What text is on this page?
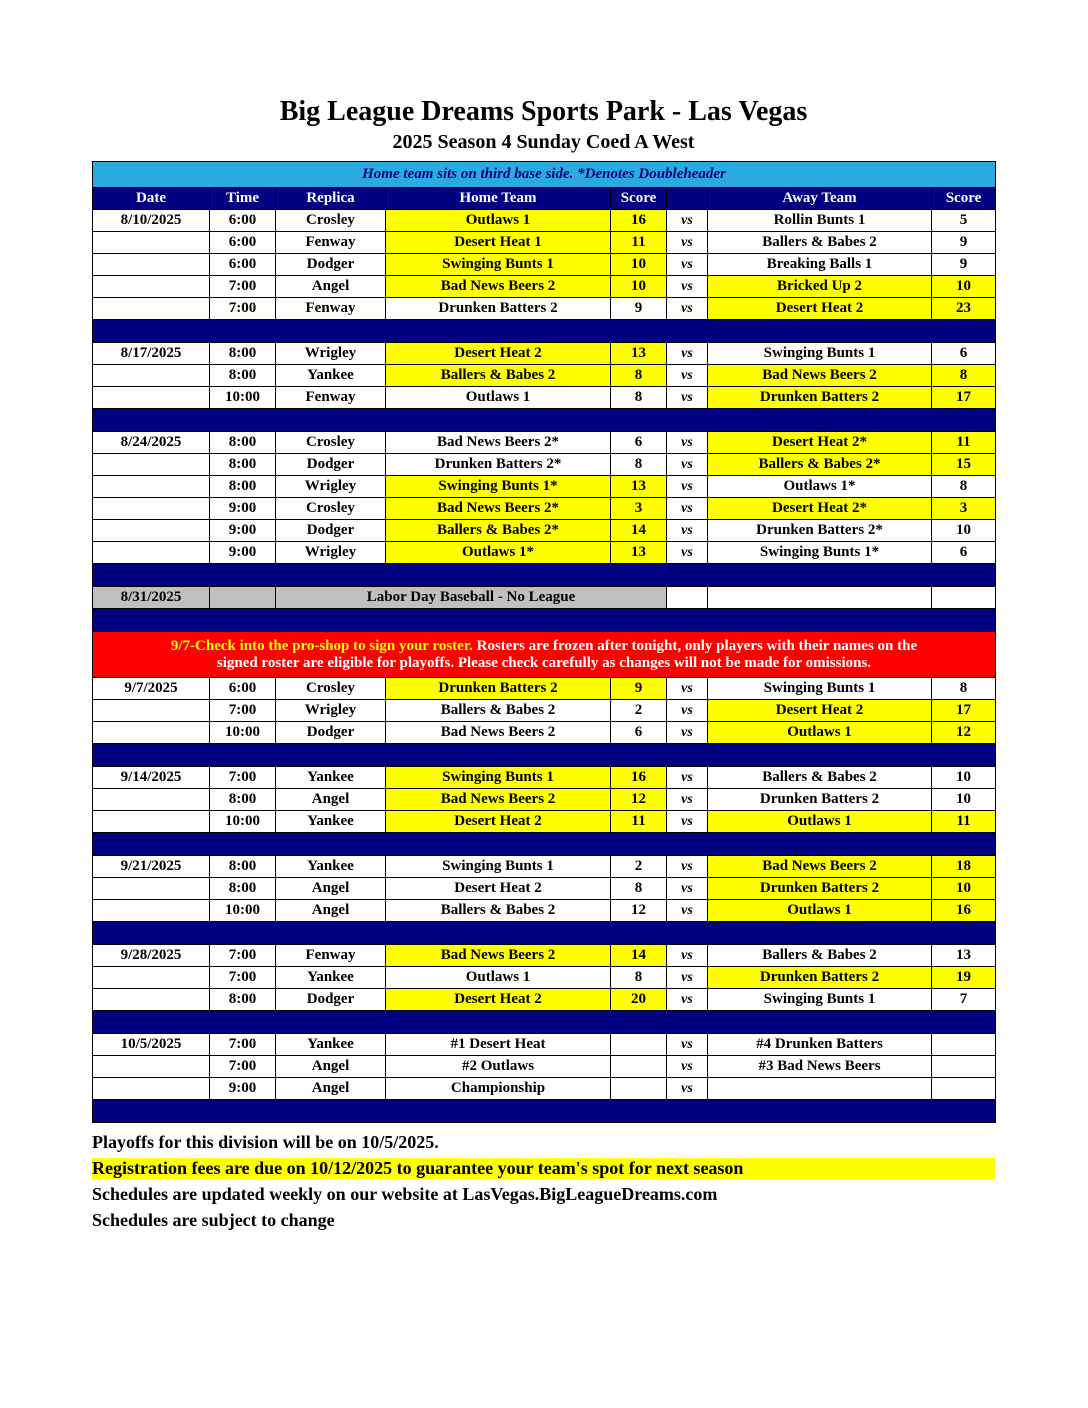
Big League Dreams Sports Park - Las Vegas
2025 Season 4 Sunday Coed A West
Home team sits on third base side. *Denotes Doubleheader							
Date	Time	Replica	Home Team	Score		Away Team	Score
8/10/2025	6:00	Crosley	Outlaws 1	16	vs	Rollin Bunts 1	5
	6:00	Fenway	Desert Heat 1	11	vs	Ballers & Babes 2	9
	6:00	Dodger	Swinging Bunts 1	10	vs	Breaking Balls 1	9
	7:00	Angel	Bad News Beers 2	10	vs	Bricked Up 2	10
	7:00	Fenway	Drunken Batters 2	9	vs	Desert Heat 2	23

8/17/2025	8:00	Wrigley	Desert Heat 2	13	vs	Swinging Bunts 1	6
	8:00	Yankee	Ballers & Babes 2	8	vs	Bad News Beers 2	8
	10:00	Fenway	Outlaws 1	8	vs	Drunken Batters 2	17

8/24/2025	8:00	Crosley	Bad News Beers 2*	6	vs	Desert Heat 2*	11
	8:00	Dodger	Drunken Batters 2*	8	vs	Ballers & Babes 2*	15
	8:00	Wrigley	Swinging Bunts 1*	13	vs	Outlaws 1*	8
	9:00	Crosley	Bad News Beers 2*	3	vs	Desert Heat 2*	3
	9:00	Dodger	Ballers & Babes 2*	14	vs	Drunken Batters 2*	10
	9:00	Wrigley	Outlaws 1*	13	vs	Swinging Bunts 1*	6

8/31/2025		Labor Day Baseball - No League					

9/7-Check into the pro-shop to sign your roster. Rosters are frozen after tonight, only players with their names on the
signed roster are eligible for playoffs. Please check carefully as changes will not be made for omissions.							

9/7/2025	6:00	Crosley	Drunken Batters 2	9	vs	Swinging Bunts 1	8
	7:00	Wrigley	Ballers & Babes 2	2	vs	Desert Heat 2	17
	10:00	Dodger	Bad News Beers 2	6	vs	Outlaws 1	12

9/14/2025	7:00	Yankee	Swinging Bunts 1	16	vs	Ballers & Babes 2	10
	8:00	Angel	Bad News Beers 2	12	vs	Drunken Batters 2	10
	10:00	Yankee	Desert Heat 2	11	vs	Outlaws 1	11

9/21/2025	8:00	Yankee	Swinging Bunts 1	2	vs	Bad News Beers 2	18
	8:00	Angel	Desert Heat 2	8	vs	Drunken Batters 2	10
	10:00	Angel	Ballers & Babes 2	12	vs	Outlaws 1	16

9/28/2025	7:00	Fenway	Bad News Beers 2	14	vs	Ballers & Babes 2	13
	7:00	Yankee	Outlaws 1	8	vs	Drunken Batters 2	19
	8:00	Dodger	Desert Heat 2	20	vs	Swinging Bunts 1	7

10/5/2025	7:00	Yankee	#1 Desert Heat		vs	#4 Drunken Batters	
	7:00	Angel	#2 Outlaws		vs	#3 Bad News Beers	
	9:00	Angel	Championship		vs		

Playoffs for this division will be on 10/5/2025.

Registration fees are due on 10/12/2025 to guarantee your team's spot for next season

Schedules are updated weekly on our website at LasVegas.BigLeagueDreams.com

Schedules are subject to change
